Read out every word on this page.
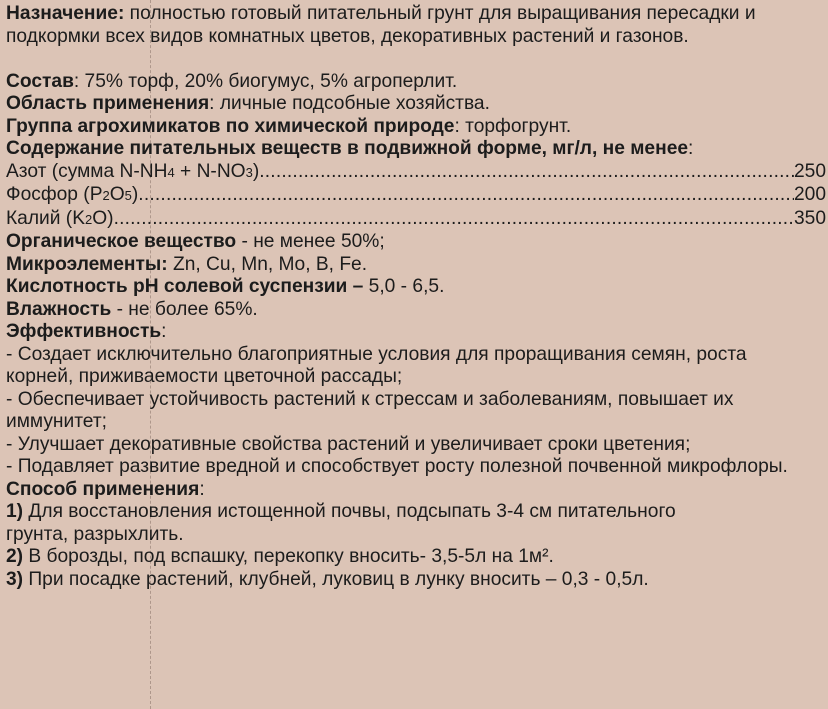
Назначение: полностью готовый питательный грунт для выращивания пересадки и подкормки всех видов комнатных цветов, декоративных растений и газонов.

Состав: 75% торф, 20% биогумус, 5% агроперлит.

Область применения: личные подсобные хозяйства.

Группа агрохимикатов по химической природе: торфогрунт.

Содержание питательных веществ в подвижной форме, мг/л, не менее:

Азот (сумма N-NH4 + N-NO3) .....	250
Фосфор (P2O5) .....	200
Калий (K2O) .....	350

Органическое вещество - не менее 50%;

Микроэлементы: Zn, Cu, Mn, Mo, B, Fe.

Кислотность рН солевой суспензии – 5,0 - 6,5.

Влажность - не более 65%.

Эффективность:

- Создает исключительно благоприятные условия для проращивания семян, роста корней, приживаемости цветочной рассады;

- Обеспечивает устойчивость растений к стрессам и заболеваниям, повышает их иммунитет;

- Улучшает декоративные свойства растений и увеличивает сроки цветения;

- Подавляет развитие вредной и способствует росту полезной почвенной микрофлоры.

Способ применения:

1) Для восстановления истощенной почвы, подсыпать 3-4 см питательного грунта, разрыхлить.

2) В борозды, под вспашку, перекопку вносить- 3,5-5л на 1м².

3) При посадке растений, клубней, луковиц в лунку вносить – 0,3 - 0,5л.
